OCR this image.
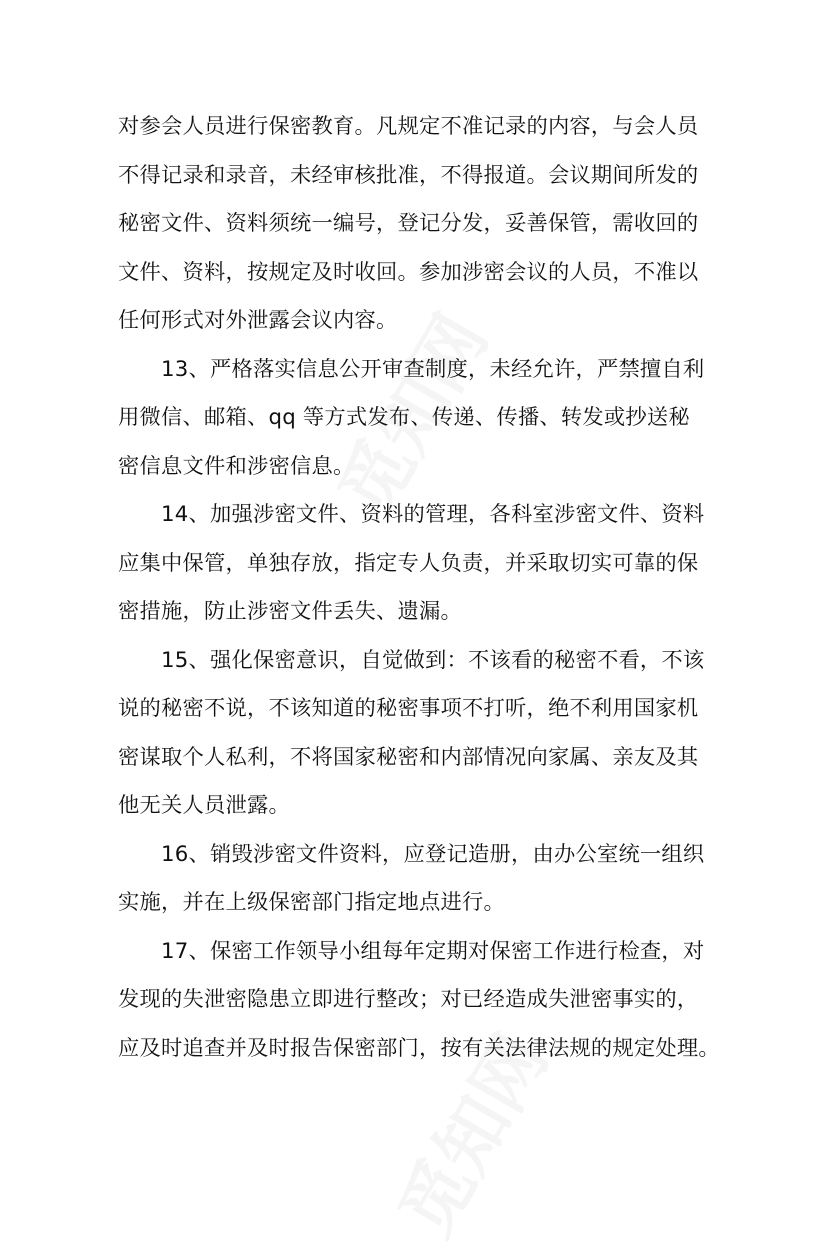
对参会人员进行保密教育。凡规定不准记录的内容，与会人员
不得记录和录音，未经审核批准，不得报道。会议期间所发的
秘密文件、资料须统一编号，登记分发，妥善保管，需收回的
文件、资料，按规定及时收回。参加涉密会议的人员，不准以
任何形式对外泄露会议内容。
13、严格落实信息公开审查制度，未经允许，严禁擅自利
用微信、邮箱、qq 等方式发布、传递、传播、转发或抄送秘
密信息文件和涉密信息。
14、加强涉密文件、资料的管理，各科室涉密文件、资料
应集中保管，单独存放，指定专人负责，并采取切实可靠的保
密措施，防止涉密文件丢失、遗漏。
15、强化保密意识，自觉做到：不该看的秘密不看，不该
说的秘密不说，不该知道的秘密事项不打听，绝不利用国家机
密谋取个人私利，不将国家秘密和内部情况向家属、亲友及其
他无关人员泄露。
16、销毁涉密文件资料，应登记造册，由办公室统一组织
实施，并在上级保密部门指定地点进行。
17、保密工作领导小组每年定期对保密工作进行检查，对
发现的失泄密隐患立即进行整改；对已经造成失泄密事实的，
应及时追查并及时报告保密部门，按有关法律法规的规定处理。
